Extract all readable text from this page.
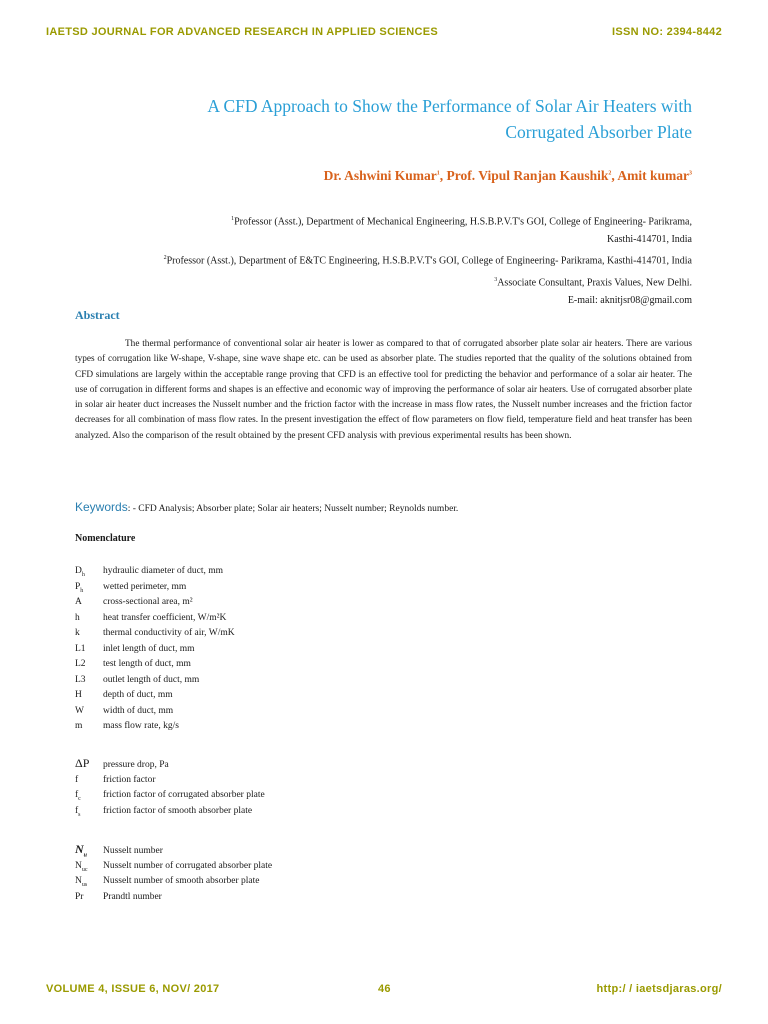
IAETSD JOURNAL FOR ADVANCED RESEARCH IN APPLIED SCIENCES	ISSN NO: 2394-8442
A CFD Approach to Show the Performance of Solar Air Heaters with
Corrugated Absorber Plate
Dr. Ashwini Kumar$^1$, Prof. Vipul Ranjan Kaushik$^2$, Amit kumar$^3$
$^1$Professor (Asst.), Department of Mechanical Engineering, H.S.B.P.V.T's GOI, College of Engineering- Parikrama,
Kasthi-414701, India
$^2$Professor (Asst.), Department of E&TC Engineering, H.S.B.P.V.T's GOI, College of Engineering- Parikrama, Kasthi-414701, India
$^3$Associate Consultant, Praxis Values, New Delhi.
E-mail: aknitjsr08@gmail.com
Abstract
The thermal performance of conventional solar air heater is lower as compared to that of corrugated absorber plate solar air heaters. There are various types of corrugation like W-shape, V-shape, sine wave shape etc. can be used as absorber plate. The studies reported that the quality of the solutions obtained from CFD simulations are largely within the acceptable range proving that CFD is an effective tool for predicting the behavior and performance of a solar air heater. The use of corrugation in different forms and shapes is an effective and economic way of improving the performance of solar air heaters. Use of corrugated absorber plate in solar air heater duct increases the Nusselt number and the friction factor with the increase in mass flow rates, the Nusselt number increases and the friction factor decreases for all combination of mass flow rates. In the present investigation the effect of flow parameters on flow field, temperature field and heat transfer has been analyzed. Also the comparison of the result obtained by the present CFD analysis with previous experimental results has been shown.
Keywords: - CFD Analysis; Absorber plate; Solar air heaters; Nusselt number; Reynolds number.
Nomenclature
$D_h$ hydraulic diameter of duct, mm
$P_h$ wetted perimeter, mm
A cross-sectional area, m²
h heat transfer coefficient, W/m²K
k thermal conductivity of air, W/mK
L1 inlet length of duct, mm
L2 test length of duct, mm
L3 outlet length of duct, mm
H depth of duct, mm
W width of duct, mm
m mass flow rate, kg/s
ΔP pressure drop, Pa
f	friction factor
$f_c$ friction factor of corrugated absorber plate
$f_s$ friction factor of smooth absorber plate
$N_u$ Nusselt number
$N_{uc}$ Nusselt number of corrugated absorber plate
$N_{us}$ Nusselt number of smooth absorber plate
Pr Prandtl number
VOLUME 4, ISSUE 6, NOV/ 2017	46	http:/ / iaetsdjaras.org/
